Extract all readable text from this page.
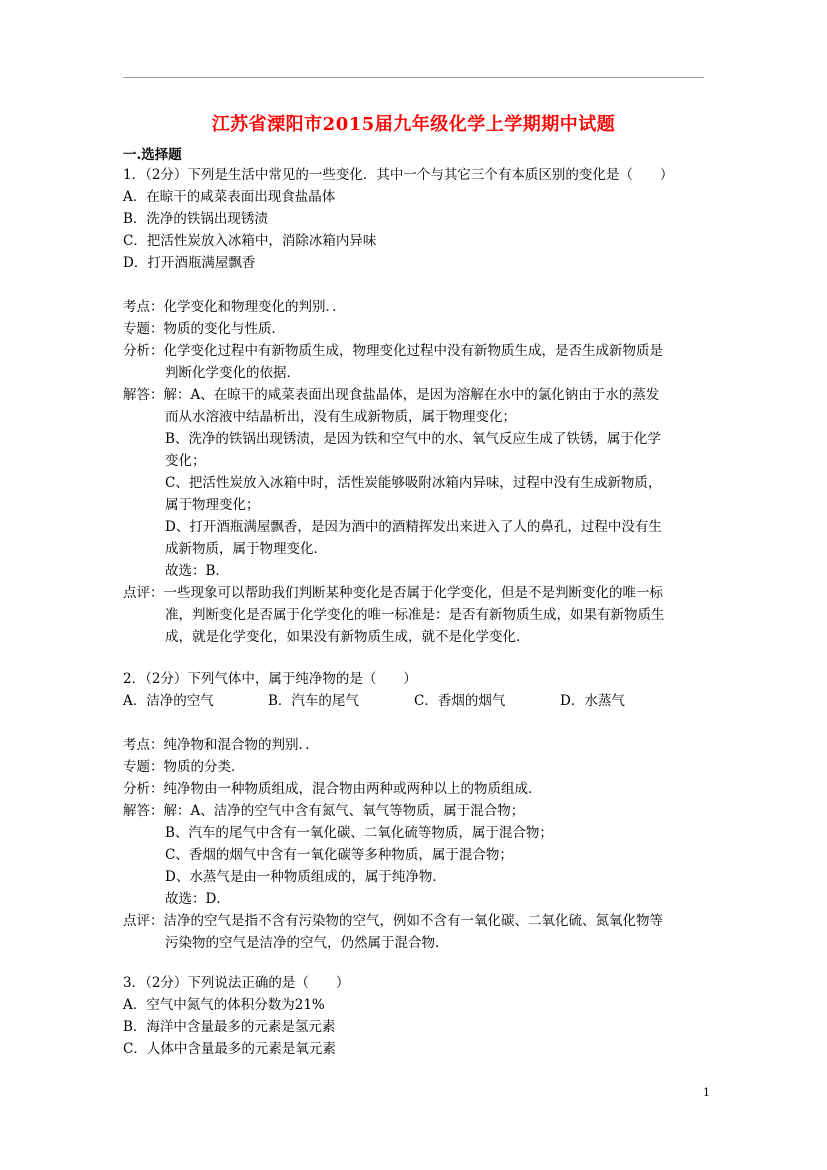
江苏省溧阳市2015届九年级化学上学期期中试题
一.选择题
1．（2分）下列是生活中常见的一些变化．其中一个与其它三个有本质区别的变化是（　　）
A．在晾干的咸菜表面出现食盐晶体
B．洗净的铁锅出现锈渍
C．把活性炭放入冰箱中，消除冰箱内异味
D．打开酒瓶满屋飘香
考点：化学变化和物理变化的判别．．
专题：物质的变化与性质．
分析：化学变化过程中有新物质生成，物理变化过程中没有新物质生成，是否生成新物质是
判断化学变化的依据．
解答：解：A、在晾干的咸菜表面出现食盐晶体，是因为溶解在水中的氯化钠由于水的蒸发
而从水溶液中结晶析出，没有生成新物质，属于物理变化；
B、洗净的铁锅出现锈渍，是因为铁和空气中的水、氧气反应生成了铁锈，属于化学
变化；
C、把活性炭放入冰箱中时，活性炭能够吸附冰箱内异味，过程中没有生成新物质，
属于物理变化；
D、打开酒瓶满屋飘香，是因为酒中的酒精挥发出来进入了人的鼻孔，过程中没有生
成新物质，属于物理变化．
故选：B．
点评：一些现象可以帮助我们判断某种变化是否属于化学变化，但是不是判断变化的唯一标
准，判断变化是否属于化学变化的唯一标准是：是否有新物质生成，如果有新物质生
成，就是化学变化，如果没有新物质生成，就不是化学变化．
2．（2分）下列气体中，属于纯净物的是（　　）
A．洁净的空气	B．汽车的尾气	C．香烟的烟气	D．水蒸气
考点：纯净物和混合物的判别．．
专题：物质的分类．
分析：纯净物由一种物质组成，混合物由两种或两种以上的物质组成．
解答：解：A、洁净的空气中含有氮气、氧气等物质，属于混合物；
B、汽车的尾气中含有一氧化碳、二氧化硫等物质，属于混合物；
C、香烟的烟气中含有一氧化碳等多种物质，属于混合物；
D、水蒸气是由一种物质组成的，属于纯净物．
故选：D．
点评：洁净的空气是指不含有污染物的空气，例如不含有一氧化碳、二氧化硫、氮氧化物等
污染物的空气是洁净的空气，仍然属于混合物．
3．（2分）下列说法正确的是（　　）
A．空气中氮气的体积分数为21%
B．海洋中含量最多的元素是氢元素
C．人体中含量最多的元素是氧元素
1
